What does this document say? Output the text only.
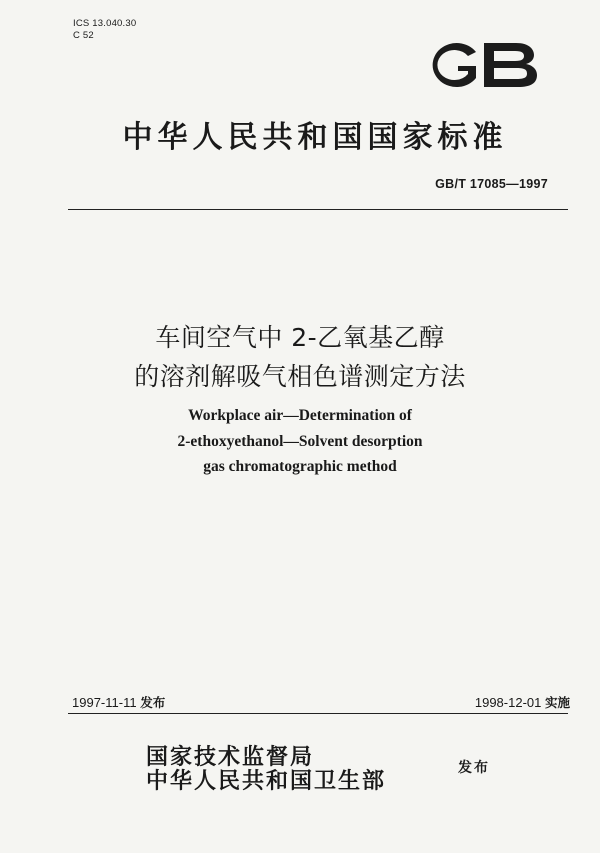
ICS 13.040.30
C 52
中华人民共和国国家标准
GB/T 17085—1997
车间空气中 2-乙氧基乙醇
的溶剂解吸气相色谱测定方法
Workplace air—Determination of
2-ethoxyethanol—Solvent desorption
gas chromatographic method
1997-11-11 发布	1998-12-01 实施
国家技术监督局
中华人民共和国卫生部
发布
